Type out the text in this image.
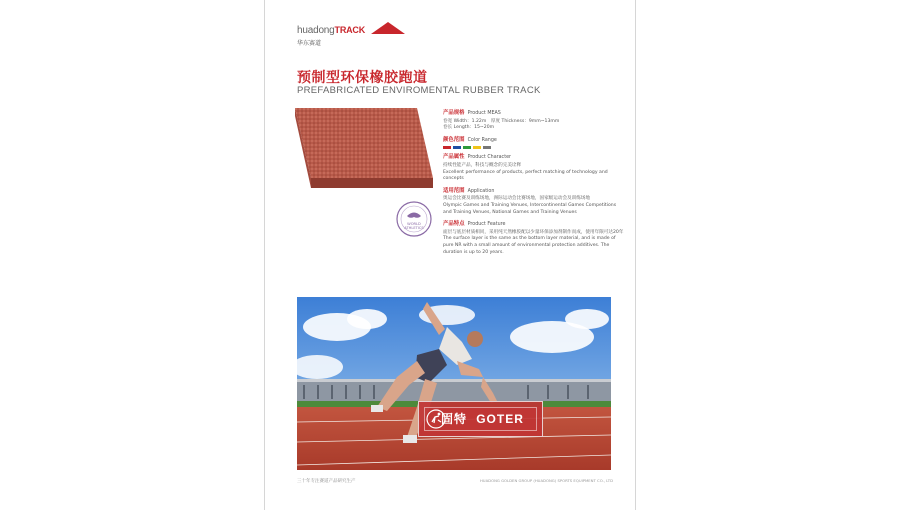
huadongTRACK
华东赛道
预制型环保橡胶跑道
PREFABRICATED ENVIROMENTAL RUBBER TRACK
WORLD
ATHLETICS
产品规格 Product MEAS
卷宽 Width：1.22m　厚度 Thickness：9mm~13mm
卷长 Length：15~20m
颜色范围 Color Range
产品属性 Product Character
持续性能产品，科技与概念的完美诠释
Excellent performance of products, perfect matching of technology and concepts
适用范围 Application
奥运会比赛及训练场地，洲际运动会比赛场地，国家级运动会及训练场地
Olympic Games and Training Venues, Intercontinental Games Competitions and Training Venues, National Games and Training Venues
产品特点 Product Feature
面层与底层材质相同，采用纯天然橡胶配以少量环保添加剂制作而成，使用年限可达20年
The surface layer is the same as the bottom layer material, and is made of pure NR with a small amount of environmental protection additives. The duration is up to 20 years.
固特 GOTER
三十年专注赛道产品研究生产	HUADONG GOLDEN GROUP (HUADONG) SPORTS EQUIPMENT CO., LTD
